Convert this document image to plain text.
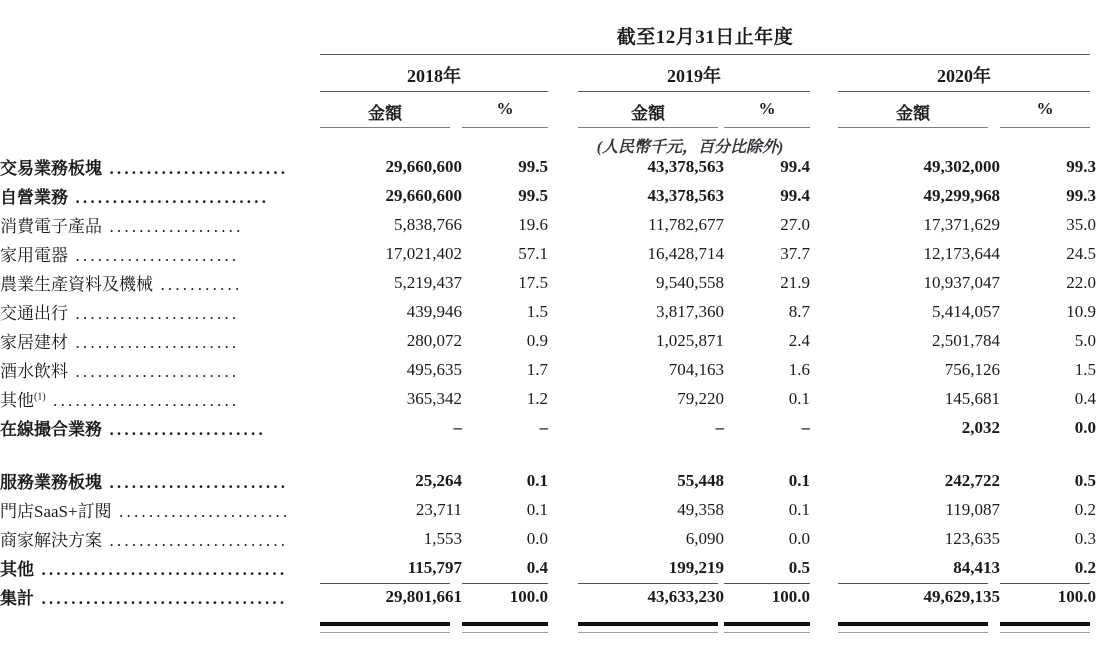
截至12月31日止年度
2018年	2019年	2020年
金額	%	金額	%	金額	%
(人民幣千元，百分比除外)
交易業務板塊 ........................	29,660,600	99.5		43,378,563	99.4		49,302,000	99.3
自營業務 ..........................	29,660,600	99.5		43,378,563	99.4		49,299,968	99.3
消費電子產品 ..................	5,838,766	19.6		11,782,677	27.0		17,371,629	35.0
家用電器 ......................	17,021,402	57.1		16,428,714	37.7		12,173,644	24.5
農業生產資料及機械 ...........	5,219,437	17.5		9,540,558	21.9		10,937,047	22.0
交通出行 ......................	439,946	1.5		3,817,360	8.7		5,414,057	10.9
家居建材 ......................	280,072	0.9		1,025,871	2.4		2,501,784	5.0
酒水飲料 ......................	495,635	1.7		704,163	1.6		756,126	1.5
其他$^{(1)}$ .........................	365,342	1.2		79,220	0.1		145,681	0.4
在線撮合業務 .....................	–	–		–	–		2,032	0.0

服務業務板塊 ........................	25,264	0.1		55,448	0.1		242,722	0.5
門店SaaS+訂閱 .......................	23,711	0.1		49,358	0.1		119,087	0.2
商家解決方案 ........................	1,553	0.0		6,090	0.0		123,635	0.3
其他 .................................	115,797	0.4		199,219	0.5		84,413	0.2
集計 .................................	29,801,661	100.0		43,633,230	100.0		49,629,135	100.0
